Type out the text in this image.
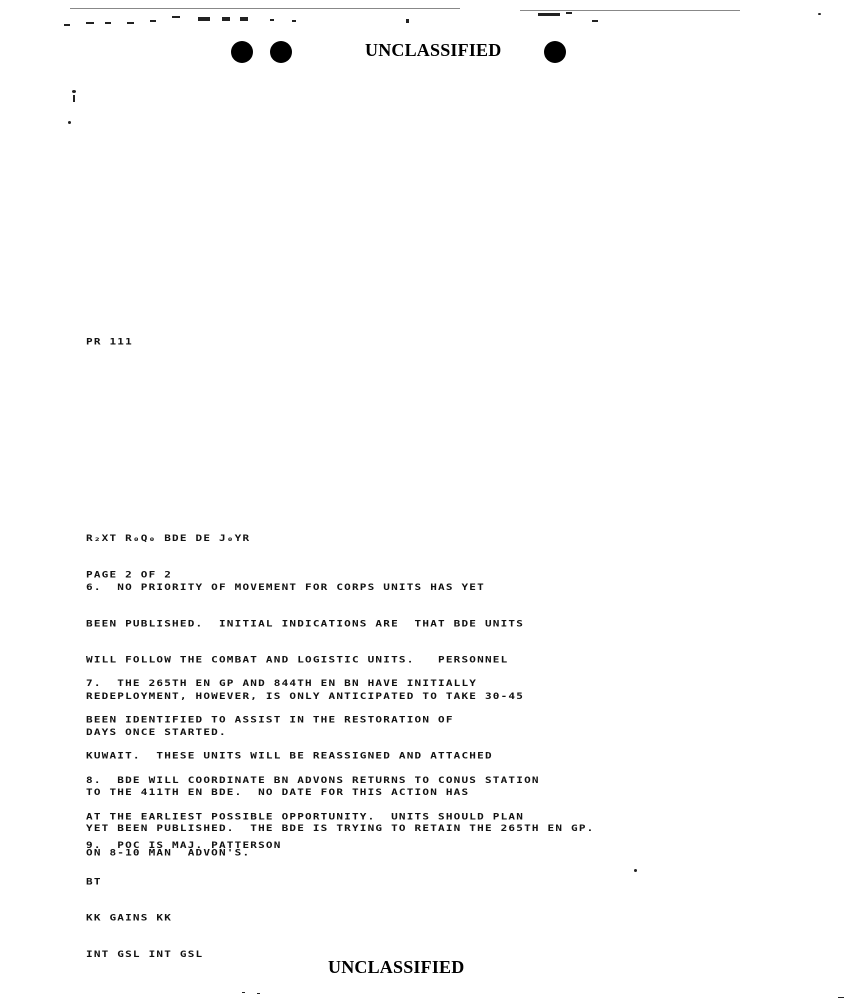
UNCLASSIFIED
PR 111

R₂XT R₀Q₀ BDE DE J₀YR

PAGE 2 OF 2

6.  NO PRIORITY OF MOVEMENT FOR CORPS UNITS HAS YET

BEEN PUBLISHED.  INITIAL INDICATIONS ARE  THAT BDE UNITS

WILL FOLLOW THE COMBAT AND LOGISTIC UNITS.   PERSONNEL

REDEPLOYMENT, HOWEVER, IS ONLY ANTICIPATED TO TAKE 30-45

DAYS ONCE STARTED.

7.  THE 265TH EN GP AND 844TH EN BN HAVE INITIALLY

BEEN IDENTIFIED TO ASSIST IN THE RESTORATION OF

KUWAIT.  THESE UNITS WILL BE REASSIGNED AND ATTACHED

TO THE 411TH EN BDE.  NO DATE FOR THIS ACTION HAS

YET BEEN PUBLISHED.  THE BDE IS TRYING TO RETAIN THE 265TH EN GP.

8.  BDE WILL COORDINATE BN ADVONS RETURNS TO CONUS STATION

AT THE EARLIEST POSSIBLE OPPORTUNITY.  UNITS SHOULD PLAN

ON 8-10 MAN  ADVON'S.

9.  POC IS MAJ. PATTERSON

BT

KK GAINS KK

INT GSL INT GSL

UNCLASSIFIED
